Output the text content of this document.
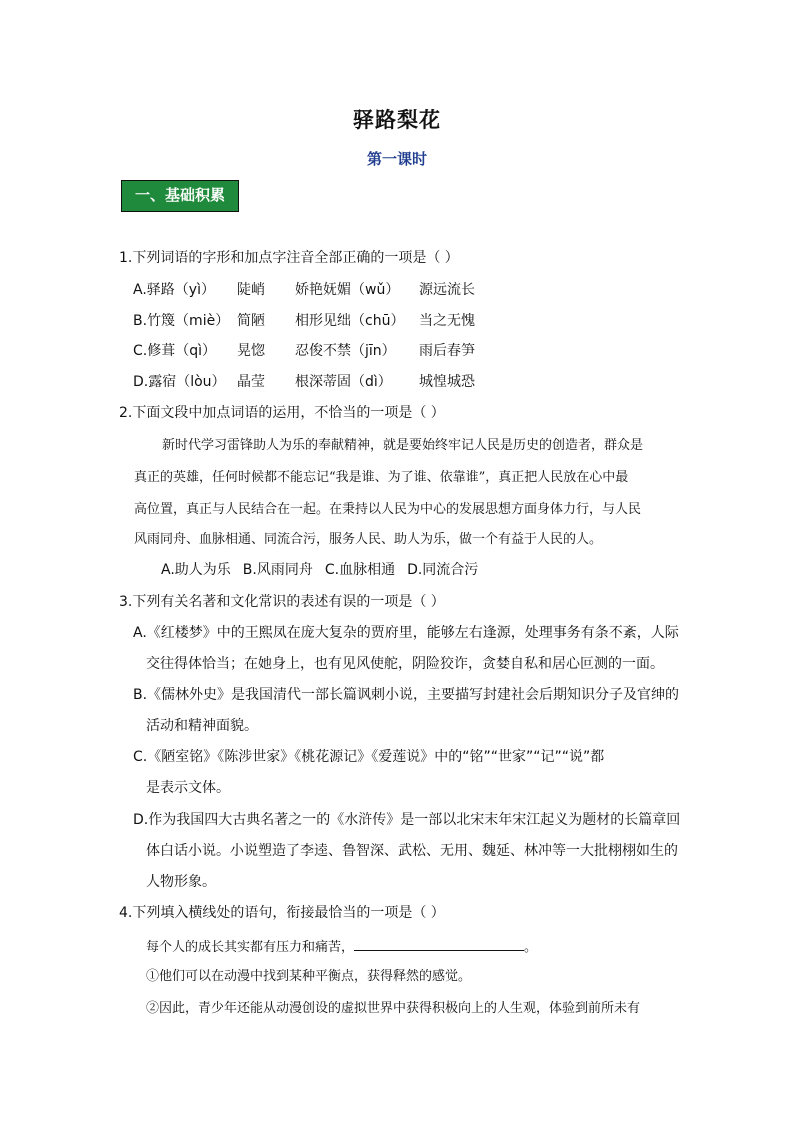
驿路梨花
第一课时
一、基础积累
1.下列词语的字形和加点字注音全部正确的一项是（ ）
A.驿路（yì） 陡峭 娇艳妩媚（wǔ） 源远流长
B.竹篾（miè） 简陋 相形见绌（chū） 当之无愧
C.修葺（qì） 晃惚 忍俊不禁（jīn） 雨后春笋
D.露宿（lòu） 晶莹 根深蒂固（dì） 城惶城恐
2.下面文段中加点词语的运用，不恰当的一项是（ ）
新时代学习雷锋助人为乐的奉献精神，就是要始终牢记人民是历史的创造者，群众是
真正的英雄，任何时候都不能忘记“我是谁、为了谁、依靠谁”，真正把人民放在心中最
高位置，真正与人民结合在一起。在秉持以人民为中心的发展思想方面身体力行，与人民
风雨同舟、血脉相通、同流合污，服务人民、助人为乐，做一个有益于人民的人。
A.助人为乐 B.风雨同舟 C.血脉相通 D.同流合污
3.下列有关名著和文化常识的表述有误的一项是（ ）
A.《红楼梦》中的王熙凤在庞大复杂的贾府里，能够左右逢源，处理事务有条不紊，人际
交往得体恰当；在她身上，也有见风使舵，阴险狡诈，贪婪自私和居心叵测的一面。
B.《儒林外史》是我国清代一部长篇讽刺小说，主要描写封建社会后期知识分子及官绅的
活动和精神面貌。
C.《陋室铭》《陈涉世家》《桃花源记》《爱莲说》中的“铭”“世家”“记”“说”都
是表示文体。
D.作为我国四大古典名著之一的《水浒传》是一部以北宋末年宋江起义为题材的长篇章回
体白话小说。小说塑造了李逵、鲁智深、武松、无用、魏延、林冲等一大批栩栩如生的
人物形象。
4.下列填入横线处的语句，衔接最恰当的一项是（ ）
每个人的成长其实都有压力和痛苦，	。
①他们可以在动漫中找到某种平衡点，获得释然的感觉。
②因此，青少年还能从动漫创设的虚拟世界中获得积极向上的人生观，体验到前所未有
